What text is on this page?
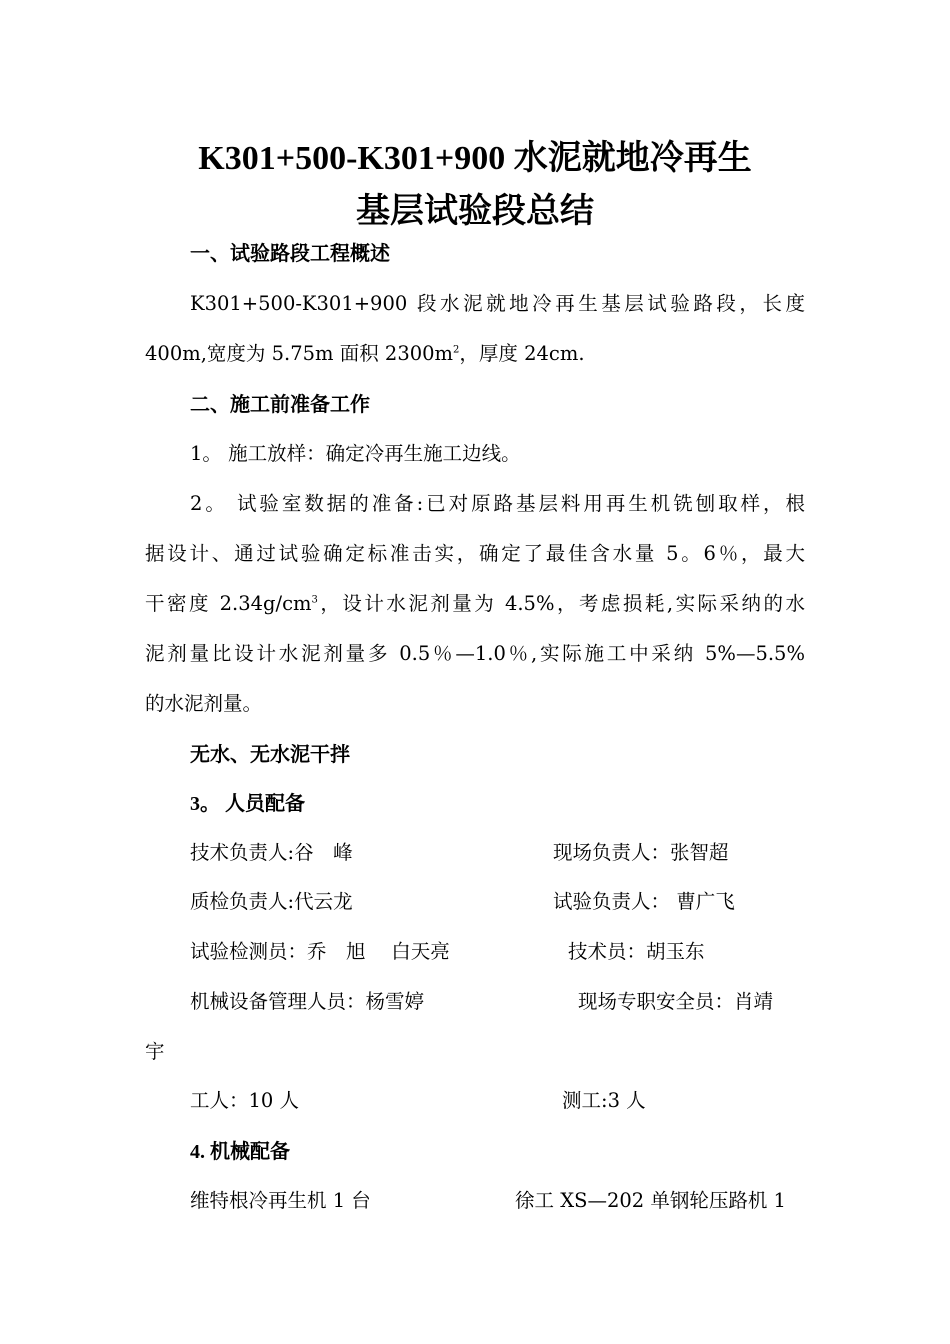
K301+500-K301+900 水泥就地冷再生
基层试验段总结
一、试验路段工程概述
K301+500-K301+900 段水泥就地冷再生基层试验路段，长度
400m,宽度为 5.75m 面积 $2300m^2$，厚度 24cm.
二、施工前准备工作
1。 施工放样：确定冷再生施工边线。
2。 试验室数据的准备:已对原路基层料用再生机铣刨取样，根
据设计、通过试验确定标准击实，确定了最佳含水量 5。6％，最大
干密度 $2.34g/cm^3$，设计水泥剂量为 4.5%，考虑损耗,实际采纳的水
泥剂量比设计水泥剂量多 0.5％—1.0％,实际施工中采纳 5%—5.5%
的水泥剂量。
无水、无水泥干拌
3。 人员配备
技术负责人:谷　峰	现场负责人：张智超
质检负责人:代云龙	试验负责人： 曹广飞
试验检测员：乔　旭　 白天亮	技术员：胡玉东
机械设备管理人员：杨雪婷	现场专职安全员：肖靖
宇
工人：10 人	测工:3 人
4. 机械配备
维特根冷再生机 1 台	徐工 XS—202 单钢轮压路机 1
